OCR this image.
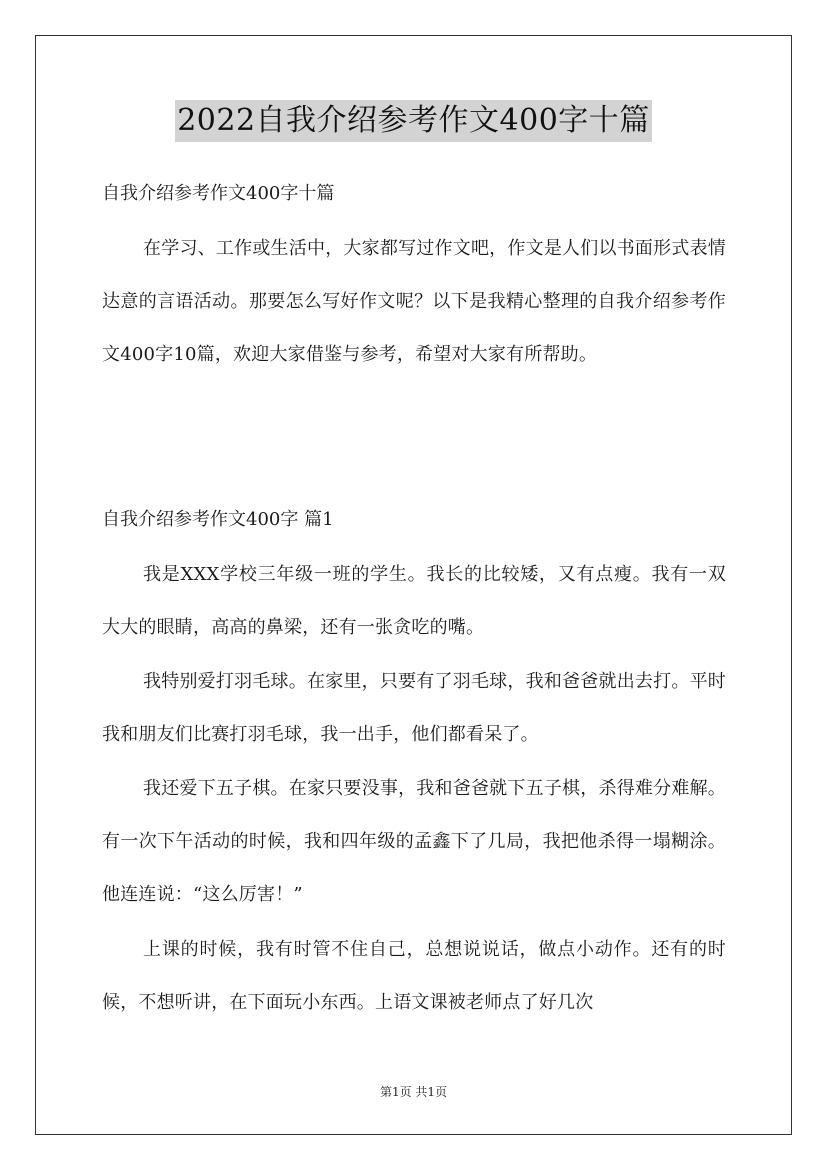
2022自我介绍参考作文400字十篇
自我介绍参考作文400字十篇

在学习、工作或生活中，大家都写过作文吧，作文是人们以书面形式表情达意的言语活动。那要怎么写好作文呢？以下是我精心整理的自我介绍参考作文400字10篇，欢迎大家借鉴与参考，希望对大家有所帮助。

自我介绍参考作文400字 篇1

我是XXX学校三年级一班的学生。我长的比较矮，又有点瘦。我有一双大大的眼睛，高高的鼻梁，还有一张贪吃的嘴。

我特别爱打羽毛球。在家里，只要有了羽毛球，我和爸爸就出去打。平时我和朋友们比赛打羽毛球，我一出手，他们都看呆了。

我还爱下五子棋。在家只要没事，我和爸爸就下五子棋，杀得难分难解。有一次下午活动的时候，我和四年级的孟鑫下了几局，我把他杀得一塌糊涂。他连连说：“这么厉害！”

上课的时候，我有时管不住自己，总想说说话，做点小动作。还有的时候，不想听讲，在下面玩小东西。上语文课被老师点了好几次

第1页 共1页
